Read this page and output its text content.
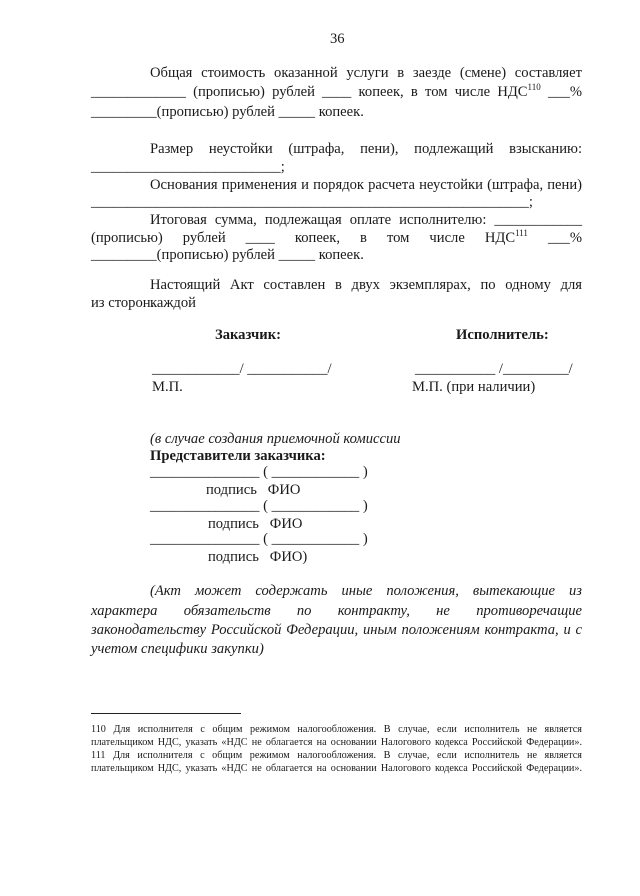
36
Общая стоимость оказанной услуги в заезде (смене) составляет
_____________ (прописью) рублей ____ копеек, в том числе НДС$^{110}$ ___%
_________(прописью) рублей _____ копеек.
Размер неустойки (штрафа, пени), подлежащий взысканию:
__________________________;
Основания применения и порядок расчета неустойки (штрафа, пени)
____________________________________________________________;
Итоговая сумма, подлежащая оплате исполнителю: ____________
(прописью) рублей ____ копеек, в том числе НДС$^{111}$ ___%
_________(прописью) рублей _____ копеек.
Настоящий Акт составлен в двух экземплярах, по одному для каждой
из сторон.
Заказчик:	Исполнитель:
____________/ ___________/	___________ /_________/
М.П.	М.П. (при наличии)
(в случае создания приемочной комиссии
Представители заказчика:
_______________ ( ____________ )
подпись   ФИО
_______________ ( ____________ )
подпись   ФИО
_______________ ( ____________ )
подпись   ФИО)
(Акт может содержать иные положения, вытекающие из
характера обязательств по контракту, не противоречащие
законодательству Российской Федерации, иным положениям контракта, и с
учетом специфики закупки)
110 Для исполнителя с общим режимом налогообложения. В случае, если исполнитель не является
плательщиком НДС, указать «НДС не облагается на основании Налогового кодекса Российской Федерации».
111 Для исполнителя с общим режимом налогообложения. В случае, если исполнитель не является
плательщиком НДС, указать «НДС не облагается на основании Налогового кодекса Российской Федерации».
